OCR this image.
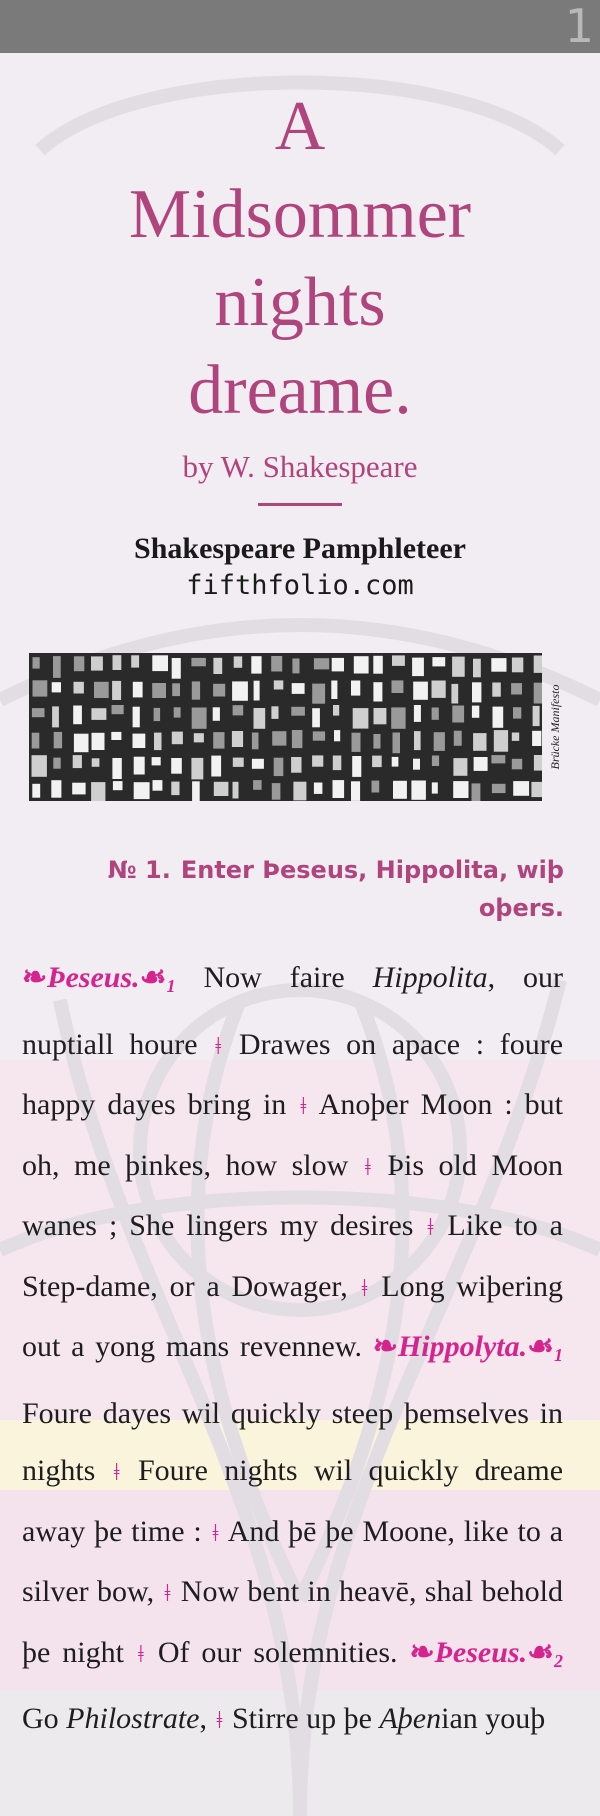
1
A
Midsommer
nights
dreame.
by W. Shakespeare
Shakespeare Pamphleteer
fifthfolio.com
Brücke Manifesto
№ 1. Enter Þeseus, Hippolita, wiþ oþers.
$❧Þeseus.☙_1$ Now faire Hippolita, our nuptiall houre ǂ Drawes on apace : foure happy dayes bring in ǂ Anoþer Moon : but oh, me þinkes, how slow ǂ Þis old Moon wanes ; She lingers my desires ǂ Like to a Step-dame, or a Dowager, ǂ Long wiþering out a yong mans revennew. $❧Hippolyta.☙_1$ Foure dayes wil quickly steep þemselves in nights ǂ Foure nights wil quickly dreame away þe time : ǂ And þē þe Moone, like to a silver bow, ǂ Now bent in heavē, shal behold þe night ǂ Of our solemnities. $❧Þeseus.☙_2$ Go Philostrate, ǂ Stirre up þe Aþenian youþ
